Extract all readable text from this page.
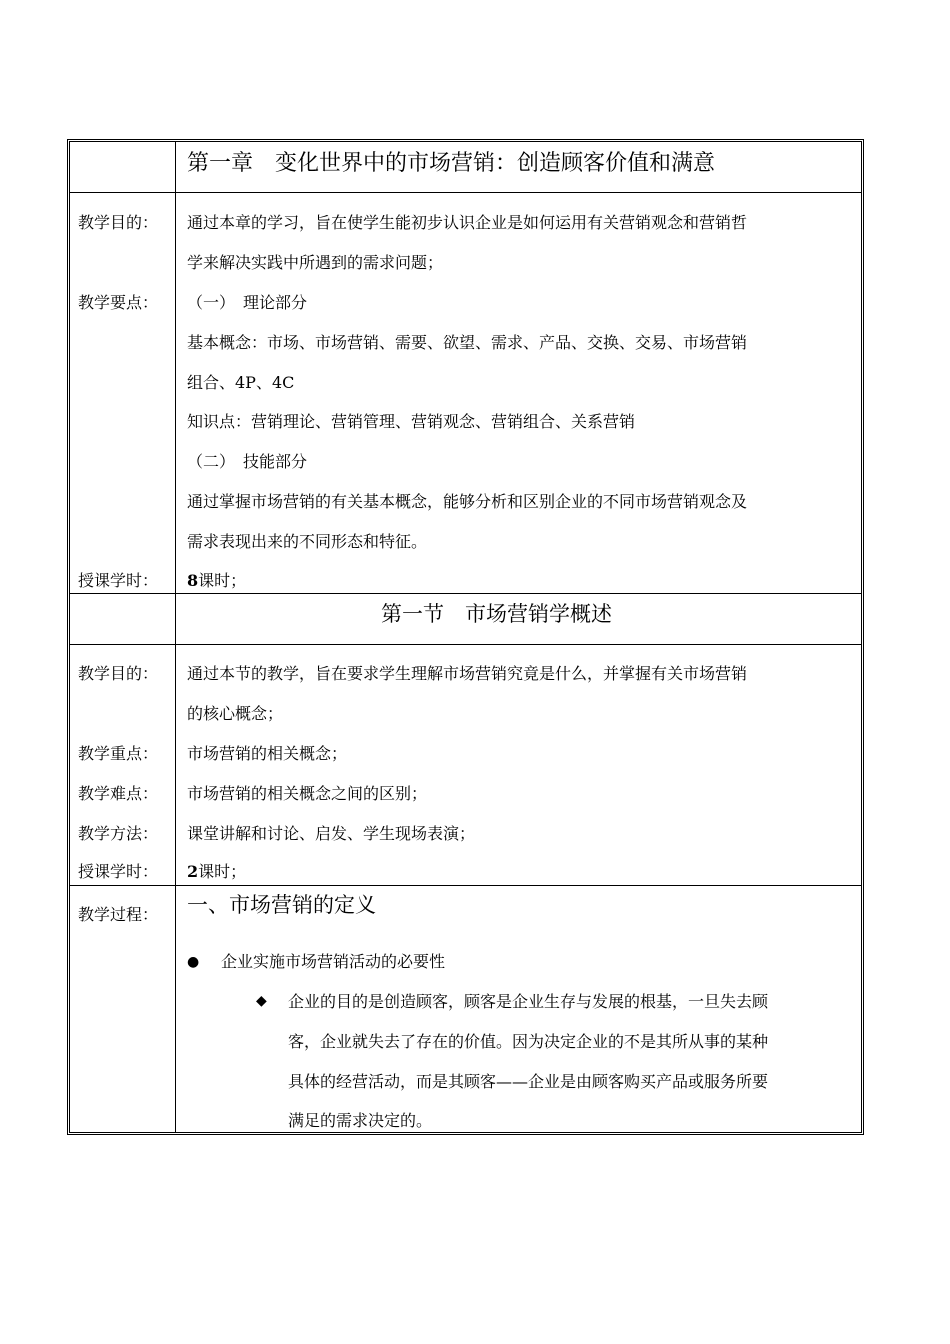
第一章　变化世界中的市场营销：创造顾客价值和满意
教学目的： 通过本章的学习，旨在使学生能初步认识企业是如何运用有关营销观念和营销哲
学来解决实践中所遇到的需求问题；
教学要点： （一）　理论部分
基本概念：市场、市场营销、需要、欲望、需求、产品、交换、交易、市场营销
组合、4P、4C
知识点：营销理论、营销管理、营销观念、营销组合、关系营销
（二）　技能部分
通过掌握市场营销的有关基本概念，能够分析和区别企业的不同市场营销观念及
需求表现出来的不同形态和特征。
授课学时： 8课时；
第一节　市场营销学概述
教学目的： 通过本节的教学，旨在要求学生理解市场营销究竟是什么，并掌握有关市场营销
的核心概念；
教学重点： 市场营销的相关概念；
教学难点： 市场营销的相关概念之间的区别；
教学方法： 课堂讲解和讨论、启发、学生现场表演；
授课学时： 2课时；
教学过程： 一、市场营销的定义
● 企业实施市场营销活动的必要性
◆ 企业的目的是创造顾客，顾客是企业生存与发展的根基，一旦失去顾
客，企业就失去了存在的价值。因为决定企业的不是其所从事的某种
具体的经营活动，而是其顾客——企业是由顾客购买产品或服务所要
满足的需求决定的。
